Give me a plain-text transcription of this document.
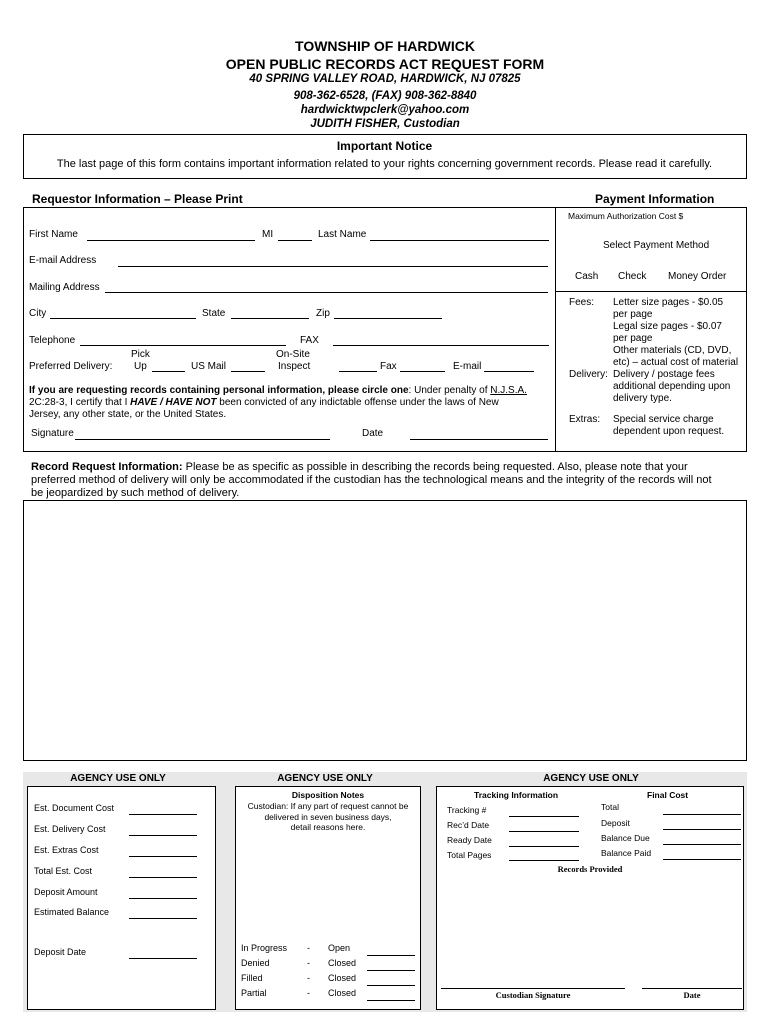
TOWNSHIP OF HARDWICK
OPEN PUBLIC RECORDS ACT REQUEST FORM
40 SPRING VALLEY ROAD, HARDWICK, NJ 07825
908-362-6528, (FAX) 908-362-8840
hardwicktwpclerk@yahoo.com
JUDITH FISHER, Custodian
Important Notice
The last page of this form contains important information related to your rights concerning government records. Please read it carefully.
Requestor Information – Please Print	Payment Information
First Name	MI	Last Name
E-mail Address
Mailing Address
City	State	Zip
Telephone	FAX
Pick	On-Site
Preferred Delivery: Up	US Mail	Inspect	Fax	E-mail
If you are requesting records containing personal information, please circle one: Under penalty of N.J.S.A.
2C:28-3, I certify that I HAVE / HAVE NOT been convicted of any indictable offense under the laws of New
Jersey, any other state, or the United States.
Signature	Date
Maximum Authorization Cost $
Select Payment Method
Cash Check Money Order
Fees: Letter size pages - $0.05
per page
Legal size pages - $0.07
per page
Other materials (CD, DVD,
etc) – actual cost of material
Delivery: Delivery / postage fees
additional depending upon
delivery type.
Extras: Special service charge
dependent upon request.
Record Request Information: Please be as specific as possible in describing the records being requested. Also, please note that your
preferred method of delivery will only be accommodated if the custodian has the technological means and the integrity of the records will not
be jeopardized by such method of delivery.
AGENCY USE ONLY	AGENCY USE ONLY	AGENCY USE ONLY
Est. Document Cost
Est. Delivery Cost
Est. Extras Cost
Total Est. Cost
Deposit Amount
Estimated Balance
Deposit Date
Disposition Notes
Custodian: If any part of request cannot be
delivered in seven business days,
detail reasons here.
In Progress - Open
Denied	- Closed
Filled	- Closed
Partial	- Closed
Tracking Information	Final Cost
Tracking #
Rec’d Date
Ready Date
Total Pages
Total
Deposit
Balance Due
Balance Paid
Records Provided
Custodian Signature	Date
